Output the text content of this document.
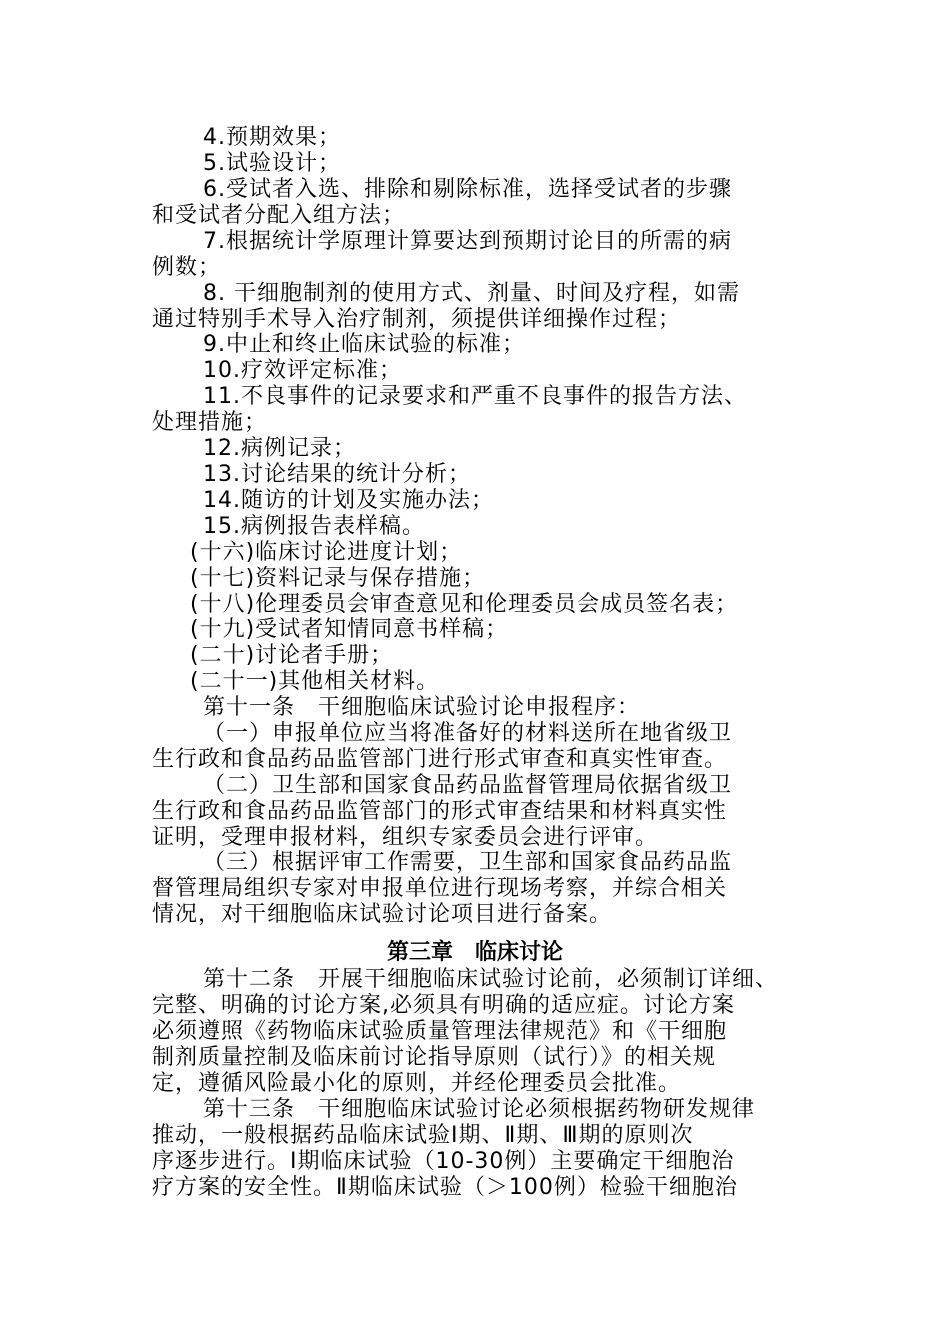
4.预期效果；
5.试验设计；
6.受试者入选、排除和剔除标准，选择受试者的步骤
和受试者分配入组方法；
7.根据统计学原理计算要达到预期讨论目的所需的病
例数；
8. 干细胞制剂的使用方式、剂量、时间及疗程，如需
通过特别手术导入治疗制剂，须提供详细操作过程；
9.中止和终止临床试验的标准；
10.疗效评定标准；
11.不良事件的记录要求和严重不良事件的报告方法、
处理措施；
12.病例记录；
13.讨论结果的统计分析；
14.随访的计划及实施办法；
15.病例报告表样稿。
(十六)临床讨论进度计划；
(十七)资料记录与保存措施；
(十八)伦理委员会审查意见和伦理委员会成员签名表；
(十九)受试者知情同意书样稿；
(二十)讨论者手册；
(二十一)其他相关材料。
第十一条　干细胞临床试验讨论申报程序：
（一）申报单位应当将准备好的材料送所在地省级卫
生行政和食品药品监管部门进行形式审查和真实性审查。
（二）卫生部和国家食品药品监督管理局依据省级卫
生行政和食品药品监管部门的形式审查结果和材料真实性
证明，受理申报材料，组织专家委员会进行评审。
（三）根据评审工作需要，卫生部和国家食品药品监
督管理局组织专家对申报单位进行现场考察，并综合相关
情况，对干细胞临床试验讨论项目进行备案。
第三章　临床讨论
第十二条　开展干细胞临床试验讨论前，必须制订详细、
完整、明确的讨论方案,必须具有明确的适应症。讨论方案
必须遵照《药物临床试验质量管理法律规范》和《干细胞
制剂质量控制及临床前讨论指导原则（试行）》的相关规
定，遵循风险最小化的原则，并经伦理委员会批准。
第十三条　干细胞临床试验讨论必须根据药物研发规律
推动，一般根据药品临床试验Ⅰ期、Ⅱ期、Ⅲ期的原则次
序逐步进行。Ⅰ期临床试验（10-30例）主要确定干细胞治
疗方案的安全性。Ⅱ期临床试验（＞100例）检验干细胞治
